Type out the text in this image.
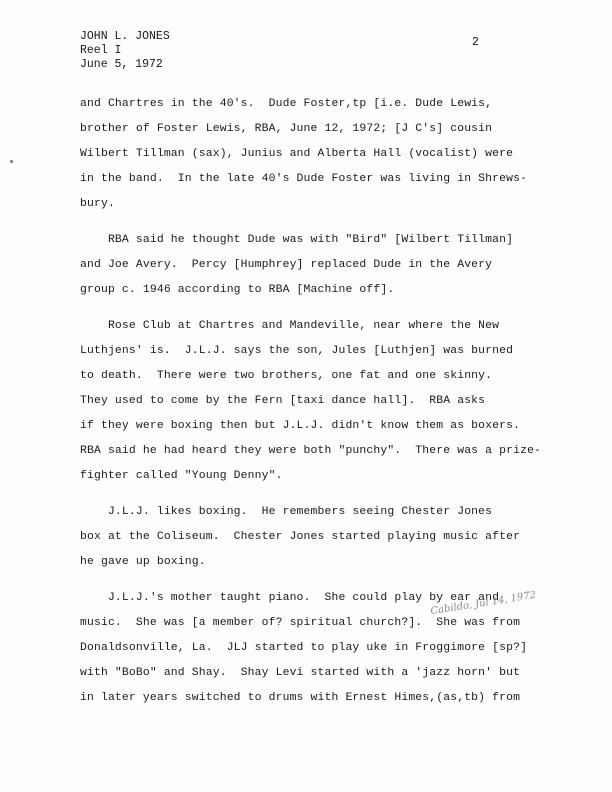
JOHN L. JONES
Reel I
June 5, 1972
2
and Chartres in the 40's.  Dude Foster,tp [i.e. Dude Lewis,
brother of Foster Lewis, RBA, June 12, 1972; [J C's] cousin
Wilbert Tillman (sax), Junius and Alberta Hall (vocalist) were
in the band.  In the late 40's Dude Foster was living in Shrews-
bury.
RBA said he thought Dude was with "Bird" [Wilbert Tillman]
and Joe Avery.  Percy [Humphrey] replaced Dude in the Avery
group c. 1946 according to RBA [Machine off].
Rose Club at Chartres and Mandeville, near where the New
Luthjens' is.  J.L.J. says the son, Jules [Luthjen] was burned
to death.  There were two brothers, one fat and one skinny.
They used to come by the Fern [taxi dance hall].  RBA asks
if they were boxing then but J.L.J. didn't know them as boxers.
RBA said he had heard they were both "punchy".  There was a prize-
fighter called "Young Denny".
J.L.J. likes boxing.  He remembers seeing Chester Jones
box at the Coliseum.  Chester Jones started playing music after
he gave up boxing.
J.L.J.'s mother taught piano.  She could play by ear and
music.  She was [a member of? spiritual church?].  She was from
Donaldsonville, La.  JLJ started to play uke in Froggimore [sp?]
with "BoBo" and Shay.  Shay Levi started with a 'jazz horn' but
in later years switched to drums with Ernest Himes,(as,tb) from
Cabildo, Jul 14, 1972
